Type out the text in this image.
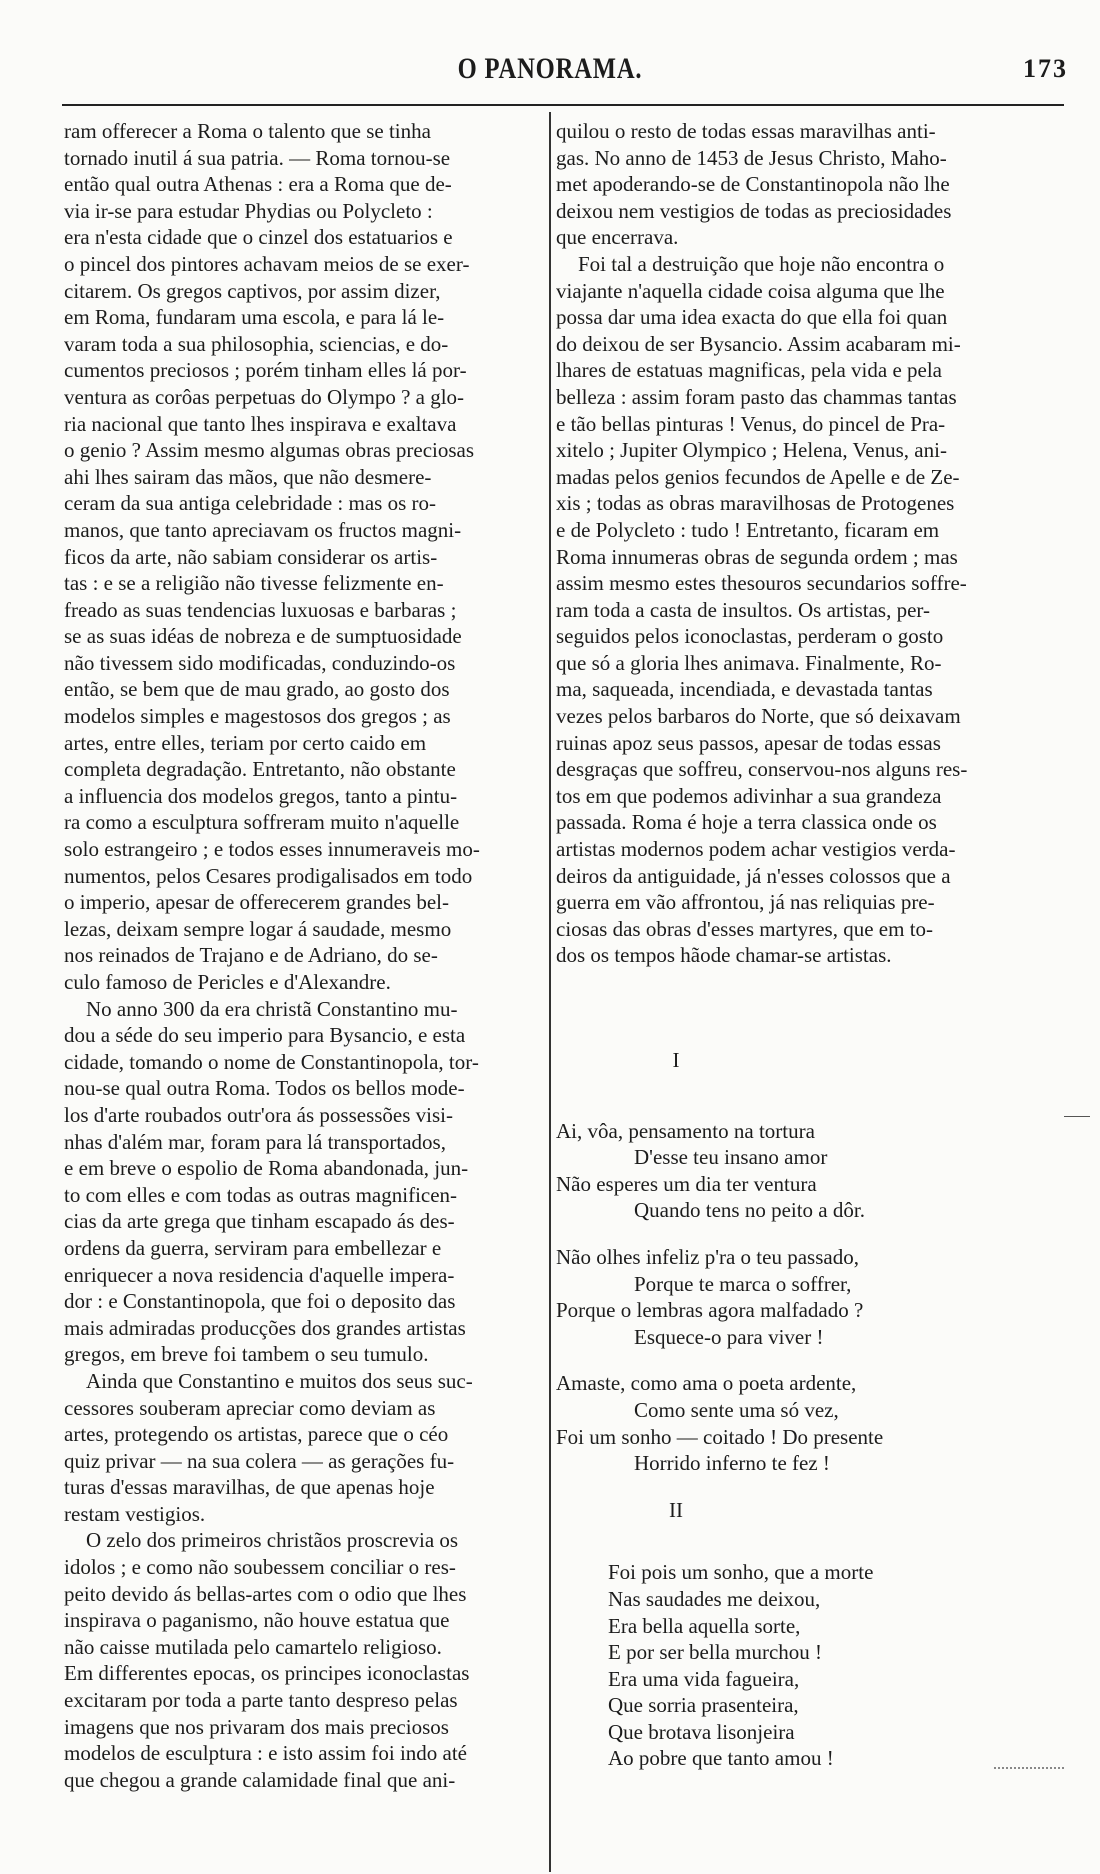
O PANORAMA.	173
ram offerecer a Roma o talento que se tinha
tornado inutil á sua patria. — Roma tornou-se
então qual outra Athenas : era a Roma que de-
via ir-se para estudar Phydias ou Polycleto :
era n'esta cidade que o cinzel dos estatuarios e
o pincel dos pintores achavam meios de se exer-
citarem. Os gregos captivos, por assim dizer,
em Roma, fundaram uma escola, e para lá le-
varam toda a sua philosophia, sciencias, e do-
cumentos preciosos ; porém tinham elles lá por-
ventura as corôas perpetuas do Olympo ? a glo-
ria nacional que tanto lhes inspirava e exaltava
o genio ? Assim mesmo algumas obras preciosas
ahi lhes sairam das mãos, que não desmere-
ceram da sua antiga celebridade : mas os ro-
manos, que tanto apreciavam os fructos magni-
ficos da arte, não sabiam considerar os artis-
tas : e se a religião não tivesse felizmente en-
freado as suas tendencias luxuosas e barbaras ;
se as suas idéas de nobreza e de sumptuosidade
não tivessem sido modificadas, conduzindo-os
então, se bem que de mau grado, ao gosto dos
modelos simples e magestosos dos gregos ; as
artes, entre elles, teriam por certo caido em
completa degradação. Entretanto, não obstante
a influencia dos modelos gregos, tanto a pintu-
ra como a esculptura soffreram muito n'aquelle
solo estrangeiro ; e todos esses innumeraveis mo-
numentos, pelos Cesares prodigalisados em todo
o imperio, apesar de offerecerem grandes bel-
lezas, deixam sempre logar á saudade, mesmo
nos reinados de Trajano e de Adriano, do se-
culo famoso de Pericles e d'Alexandre.
No anno 300 da era christã Constantino mu-
dou a séde do seu imperio para Bysancio, e esta
cidade, tomando o nome de Constantinopola, tor-
nou-se qual outra Roma. Todos os bellos mode-
los d'arte roubados outr'ora ás possessões visi-
nhas d'além mar, foram para lá transportados,
e em breve o espolio de Roma abandonada, jun-
to com elles e com todas as outras magnificen-
cias da arte grega que tinham escapado ás des-
ordens da guerra, serviram para embellezar e
enriquecer a nova residencia d'aquelle impera-
dor : e Constantinopola, que foi o deposito das
mais admiradas producções dos grandes artistas
gregos, em breve foi tambem o seu tumulo.
Ainda que Constantino e muitos dos seus suc-
cessores souberam apreciar como deviam as
artes, protegendo os artistas, parece que o céo
quiz privar — na sua colera — as gerações fu-
turas d'essas maravilhas, de que apenas hoje
restam vestigios.
O zelo dos primeiros christãos proscrevia os
idolos ; e como não soubessem conciliar o res-
peito devido ás bellas-artes com o odio que lhes
inspirava o paganismo, não houve estatua que
não caisse mutilada pelo camartelo religioso.
Em differentes epocas, os principes iconoclastas
excitaram por toda a parte tanto despreso pelas
imagens que nos privaram dos mais preciosos
modelos de esculptura : e isto assim foi indo até
que chegou a grande calamidade final que ani-
quilou o resto de todas essas maravilhas anti-
gas. No anno de 1453 de Jesus Christo, Maho-
met apoderando-se de Constantinopola não lhe
deixou nem vestigios de todas as preciosidades
que encerrava.
Foi tal a destruição que hoje não encontra o
viajante n'aquella cidade coisa alguma que lhe
possa dar uma idea exacta do que ella foi quan
do deixou de ser Bysancio. Assim acabaram mi-
lhares de estatuas magnificas, pela vida e pela
belleza : assim foram pasto das chammas tantas
e tão bellas pinturas ! Venus, do pincel de Pra-
xitelo ; Jupiter Olympico ; Helena, Venus, ani-
madas pelos genios fecundos de Apelle e de Ze-
xis ; todas as obras maravilhosas de Protogenes
e de Polycleto : tudo ! Entretanto, ficaram em
Roma innumeras obras de segunda ordem ; mas
assim mesmo estes thesouros secundarios soffre-
ram toda a casta de insultos. Os artistas, per-
seguidos pelos iconoclastas, perderam o gosto
que só a gloria lhes animava. Finalmente, Ro-
ma, saqueada, incendiada, e devastada tantas
vezes pelos barbaros do Norte, que só deixavam
ruinas apoz seus passos, apesar de todas essas
desgraças que soffreu, conservou-nos alguns res-
tos em que podemos adivinhar a sua grandeza
passada. Roma é hoje a terra classica onde os
artistas modernos podem achar vestigios verda-
deiros da antiguidade, já n'esses colossos que a
guerra em vão affrontou, já nas reliquias pre-
ciosas das obras d'esses martyres, que em to-
dos os tempos hãode chamar-se artistas.
I
Ai, vôa, pensamento na tortura
D'esse teu insano amor
Não esperes um dia ter ventura
Quando tens no peito a dôr.
Não olhes infeliz p'ra o teu passado,
Porque te marca o soffrer,
Porque o lembras agora malfadado ?
Esquece-o para viver !
Amaste, como ama o poeta ardente,
Como sente uma só vez,
Foi um sonho — coitado ! Do presente
Horrido inferno te fez !
II
Foi pois um sonho, que a morte
Nas saudades me deixou,
Era bella aquella sorte,
E por ser bella murchou !
Era uma vida fagueira,
Que sorria prasenteira,
Que brotava lisonjeira
Ao pobre que tanto amou !
